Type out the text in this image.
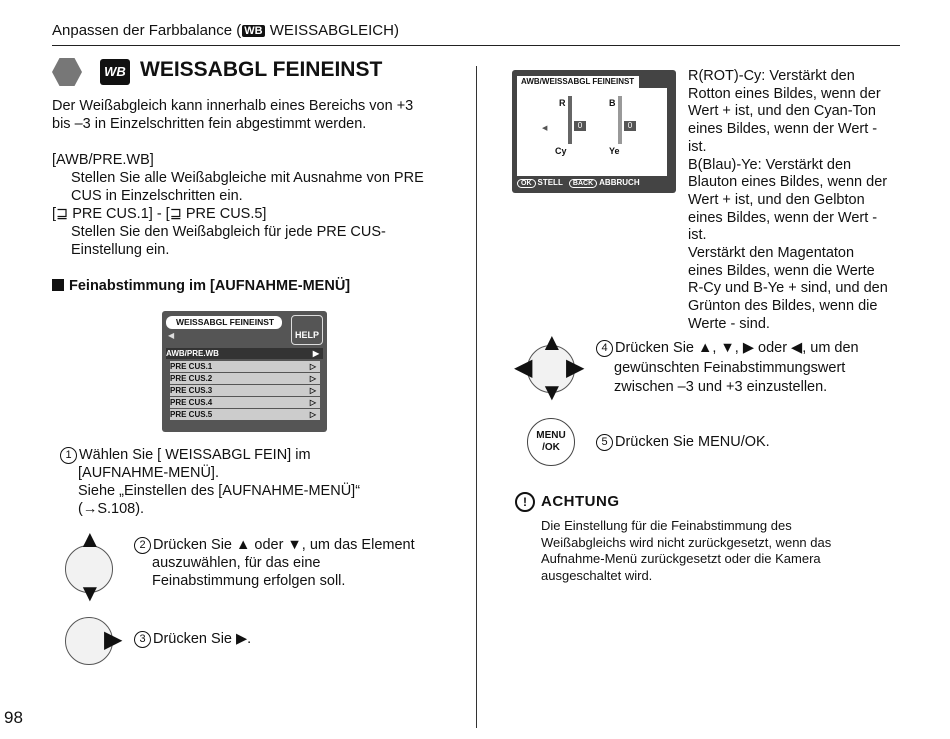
Anpassen der Farbbalance ( WB WEISSABGLEICH)
WB WEISSABGL FEINEINST
Der Weißabgleich kann innerhalb eines Bereichs von +3
bis –3 in Einzelschritten fein abgestimmt werden.
[AWB/PRE.WB]
Stellen Sie alle Weißabgleiche mit Ausnahme von PRE
CUS in Einzelschritten ein.
[⊒ PRE CUS.1] - [⊒ PRE CUS.5]
Stellen Sie den Weißabgleich für jede PRE CUS-
Einstellung ein.
Feinabstimmung im [AUFNAHME-MENÜ]
WEISSABGL FEINEINST
HELP
◀
AWB/PRE.WB	▶
PRE CUS.1	▷
PRE CUS.2	▷
PRE CUS.3	▷
PRE CUS.4	▷
PRE CUS.5	▷
1 Wählen Sie [ WEISSABGL FEIN] im
[AUFNAHME-MENÜ].
Siehe „Einstellen des [AUFNAHME-MENÜ]“
(→S.108).
▲
▼
2 Drücken Sie ▲ oder ▼, um das Element
auszuwählen, für das eine
Feinabstimmung erfolgen soll.
▶	3 Drücken Sie ▶.
AWB/WEISSABGL FEINEINST
R
Cy
0
◀
B
Ye
0
OK STELL BACK ABBRUCH
R(ROT)-Cy: Verstärkt den
Rotton eines Bildes, wenn der
Wert + ist, und den Cyan-Ton
eines Bildes, wenn der Wert -
ist.
B(Blau)-Ye: Verstärkt den
Blauton eines Bildes, wenn der
Wert + ist, und den Gelbton
eines Bildes, wenn der Wert -
ist.
Verstärkt den Magentaton
eines Bildes, wenn die Werte
R-Cy und B-Ye + sind, und den
Grünton des Bildes, wenn die
Werte - sind.
▲
▼
◀ ▶
4 Drücken Sie ▲, ▼, ▶ oder ◀, um den
gewünschten Feinabstimmungswert
zwischen –3 und +3 einzustellen.
MENU
/OK	5 Drücken Sie MENU/OK.
! ACHTUNG
Die Einstellung für die Feinabstimmung des
Weißabgleichs wird nicht zurückgesetzt, wenn das
Aufnahme-Menü zurückgesetzt oder die Kamera
ausgeschaltet wird.
98
